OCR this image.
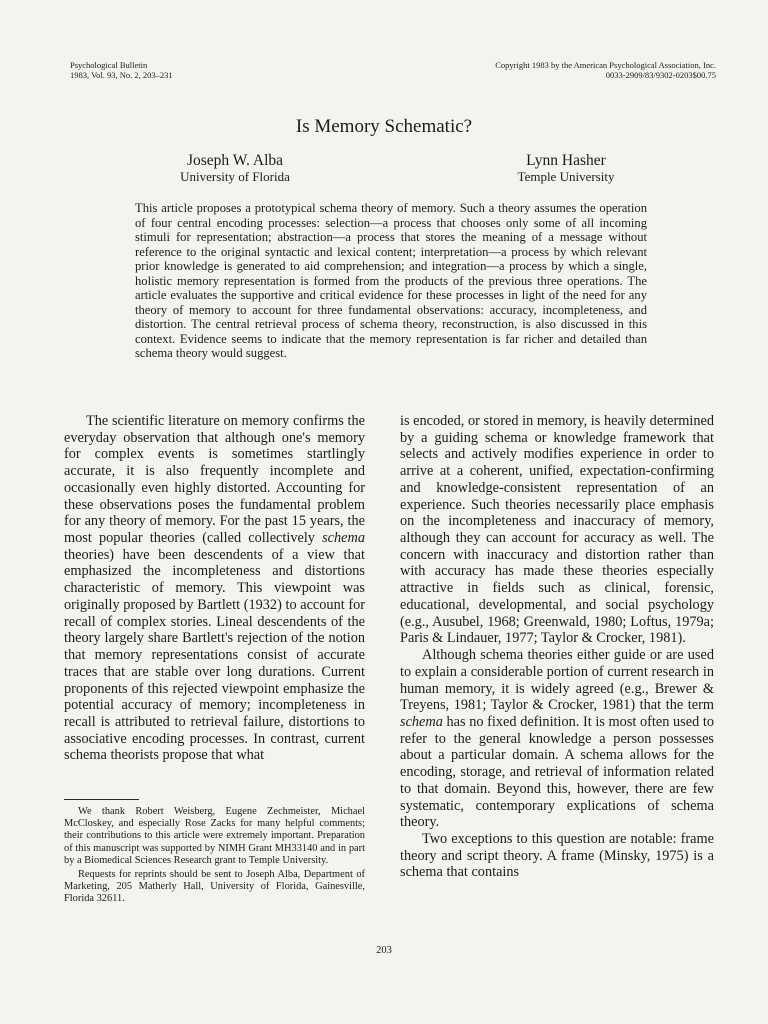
Psychological Bulletin
1983, Vol. 93, No. 2, 203–231
Copyright 1983 by the American Psychological Association, Inc.
0033-2909/83/9302-0203$00.75
Is Memory Schematic?
Joseph W. Alba
University of Florida
Lynn Hasher
Temple University
This article proposes a prototypical schema theory of memory. Such a theory assumes the operation of four central encoding processes: selection—a process that chooses only some of all incoming stimuli for representation; abstraction—a process that stores the meaning of a message without reference to the original syntactic and lexical content; interpretation—a process by which relevant prior knowledge is generated to aid comprehension; and integration—a process by which a single, holistic memory representation is formed from the products of the previous three operations. The article evaluates the supportive and critical evidence for these processes in light of the need for any theory of memory to account for three fundamental observations: accuracy, incompleteness, and distortion. The central retrieval process of schema theory, reconstruction, is also discussed in this context. Evidence seems to indicate that the memory representation is far richer and detailed than schema theory would suggest.

The scientific literature on memory confirms the everyday observation that although one's memory for complex events is sometimes startlingly accurate, it is also frequently incomplete and occasionally even highly distorted. Accounting for these observations poses the fundamental problem for any theory of memory. For the past 15 years, the most popular theories (called collectively schema theories) have been descendents of a view that emphasized the incompleteness and distortions characteristic of memory. This viewpoint was originally proposed by Bartlett (1932) to account for recall of complex stories. Lineal descendents of the theory largely share Bartlett's rejection of the notion that memory representations consist of accurate traces that are stable over long durations. Current proponents of this rejected viewpoint emphasize the potential accuracy of memory; incompleteness in recall is attributed to retrieval failure, distortions to associative encoding processes. In contrast, current schema theorists propose that what

We thank Robert Weisberg, Eugene Zechmeister, Michael McCloskey, and especially Rose Zacks for many helpful comments; their contributions to this article were extremely important. Preparation of this manuscript was supported by NIMH Grant MH33140 and in part by a Biomedical Sciences Research grant to Temple University.

Requests for reprints should be sent to Joseph Alba, Department of Marketing, 205 Matherly Hall, University of Florida, Gainesville, Florida 32611.

is encoded, or stored in memory, is heavily determined by a guiding schema or knowledge framework that selects and actively modifies experience in order to arrive at a coherent, unified, expectation-confirming and knowledge-consistent representation of an experience. Such theories necessarily place emphasis on the incompleteness and inaccuracy of memory, although they can account for accuracy as well. The concern with inaccuracy and distortion rather than with accuracy has made these theories especially attractive in fields such as clinical, forensic, educational, developmental, and social psychology (e.g., Ausubel, 1968; Greenwald, 1980; Loftus, 1979a; Paris & Lindauer, 1977; Taylor & Crocker, 1981).

Although schema theories either guide or are used to explain a considerable portion of current research in human memory, it is widely agreed (e.g., Brewer & Treyens, 1981; Taylor & Crocker, 1981) that the term schema has no fixed definition. It is most often used to refer to the general knowledge a person possesses about a particular domain. A schema allows for the encoding, storage, and retrieval of information related to that domain. Beyond this, however, there are few systematic, contemporary explications of schema theory.

Two exceptions to this question are notable: frame theory and script theory. A frame (Minsky, 1975) is a schema that contains

203
